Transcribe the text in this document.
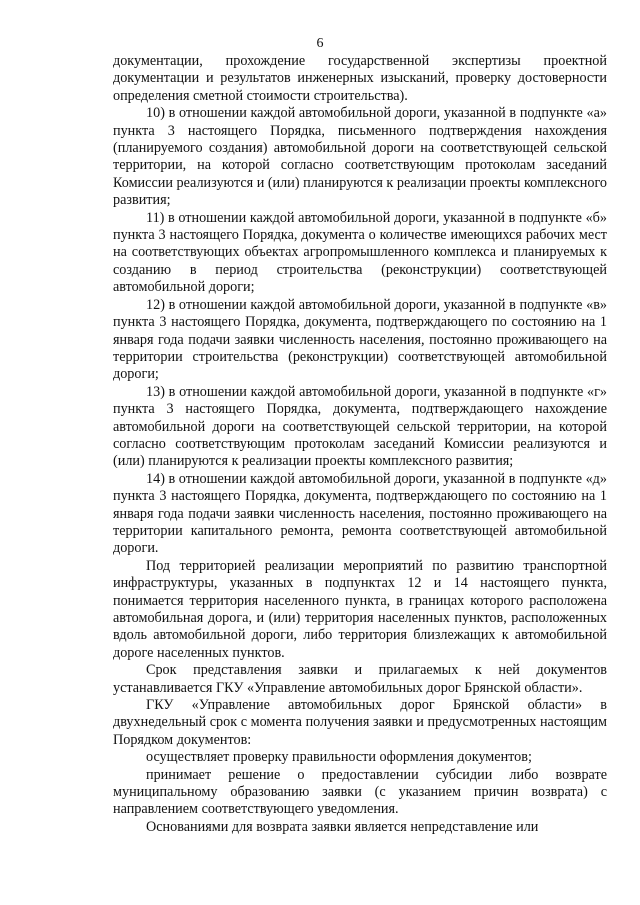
6

документации, прохождение государственной экспертизы проектной документации и результатов инженерных изысканий, проверку достоверности определения сметной стоимости строительства).

10) в отношении каждой автомобильной дороги, указанной в подпункте «а» пункта 3 настоящего Порядка, письменного подтверждения нахождения (планируемого создания) автомобильной дороги на соответствующей сельской территории, на которой согласно соответствующим протоколам заседаний Комиссии реализуются и (или) планируются к реализации проекты комплексного развития;

11) в отношении каждой автомобильной дороги, указанной в подпункте «б» пункта 3 настоящего Порядка, документа о количестве имеющихся рабочих мест на соответствующих объектах агропромышленного комплекса и планируемых к созданию в период строительства (реконструкции) соответствующей автомобильной дороги;

12) в отношении каждой автомобильной дороги, указанной в подпункте «в» пункта 3 настоящего Порядка, документа, подтверждающего по состоянию на 1 января года подачи заявки численность населения, постоянно проживающего на территории строительства (реконструкции) соответствующей автомобильной дороги;

13) в отношении каждой автомобильной дороги, указанной в подпункте «г» пункта 3 настоящего Порядка, документа, подтверждающего нахождение автомобильной дороги на соответствующей сельской территории, на которой согласно соответствующим протоколам заседаний Комиссии реализуются и (или) планируются к реализации проекты комплексного развития;

14) в отношении каждой автомобильной дороги, указанной в подпункте «д» пункта 3 настоящего Порядка, документа, подтверждающего по состоянию на 1 января года подачи заявки численность населения, постоянно проживающего на территории капитального ремонта, ремонта соответствующей автомобильной дороги.

Под территорией реализации мероприятий по развитию транспортной инфраструктуры, указанных в подпунктах 12 и 14 настоящего пункта, понимается территория населенного пункта, в границах которого расположена автомобильная дорога, и (или) территория населенных пунктов, расположенных вдоль автомобильной дороги, либо территория близлежащих к автомобильной дороге населенных пунктов.

Срок представления заявки и прилагаемых к ней документов устанавливается ГКУ «Управление автомобильных дорог Брянской области».

ГКУ «Управление автомобильных дорог Брянской области» в двухнедельный срок с момента получения заявки и предусмотренных настоящим Порядком документов:

осуществляет проверку правильности оформления документов;

принимает решение о предоставлении субсидии либо возврате муниципальному образованию заявки (с указанием причин возврата) с направлением соответствующего уведомления.

Основаниями для возврата заявки является непредставление или
